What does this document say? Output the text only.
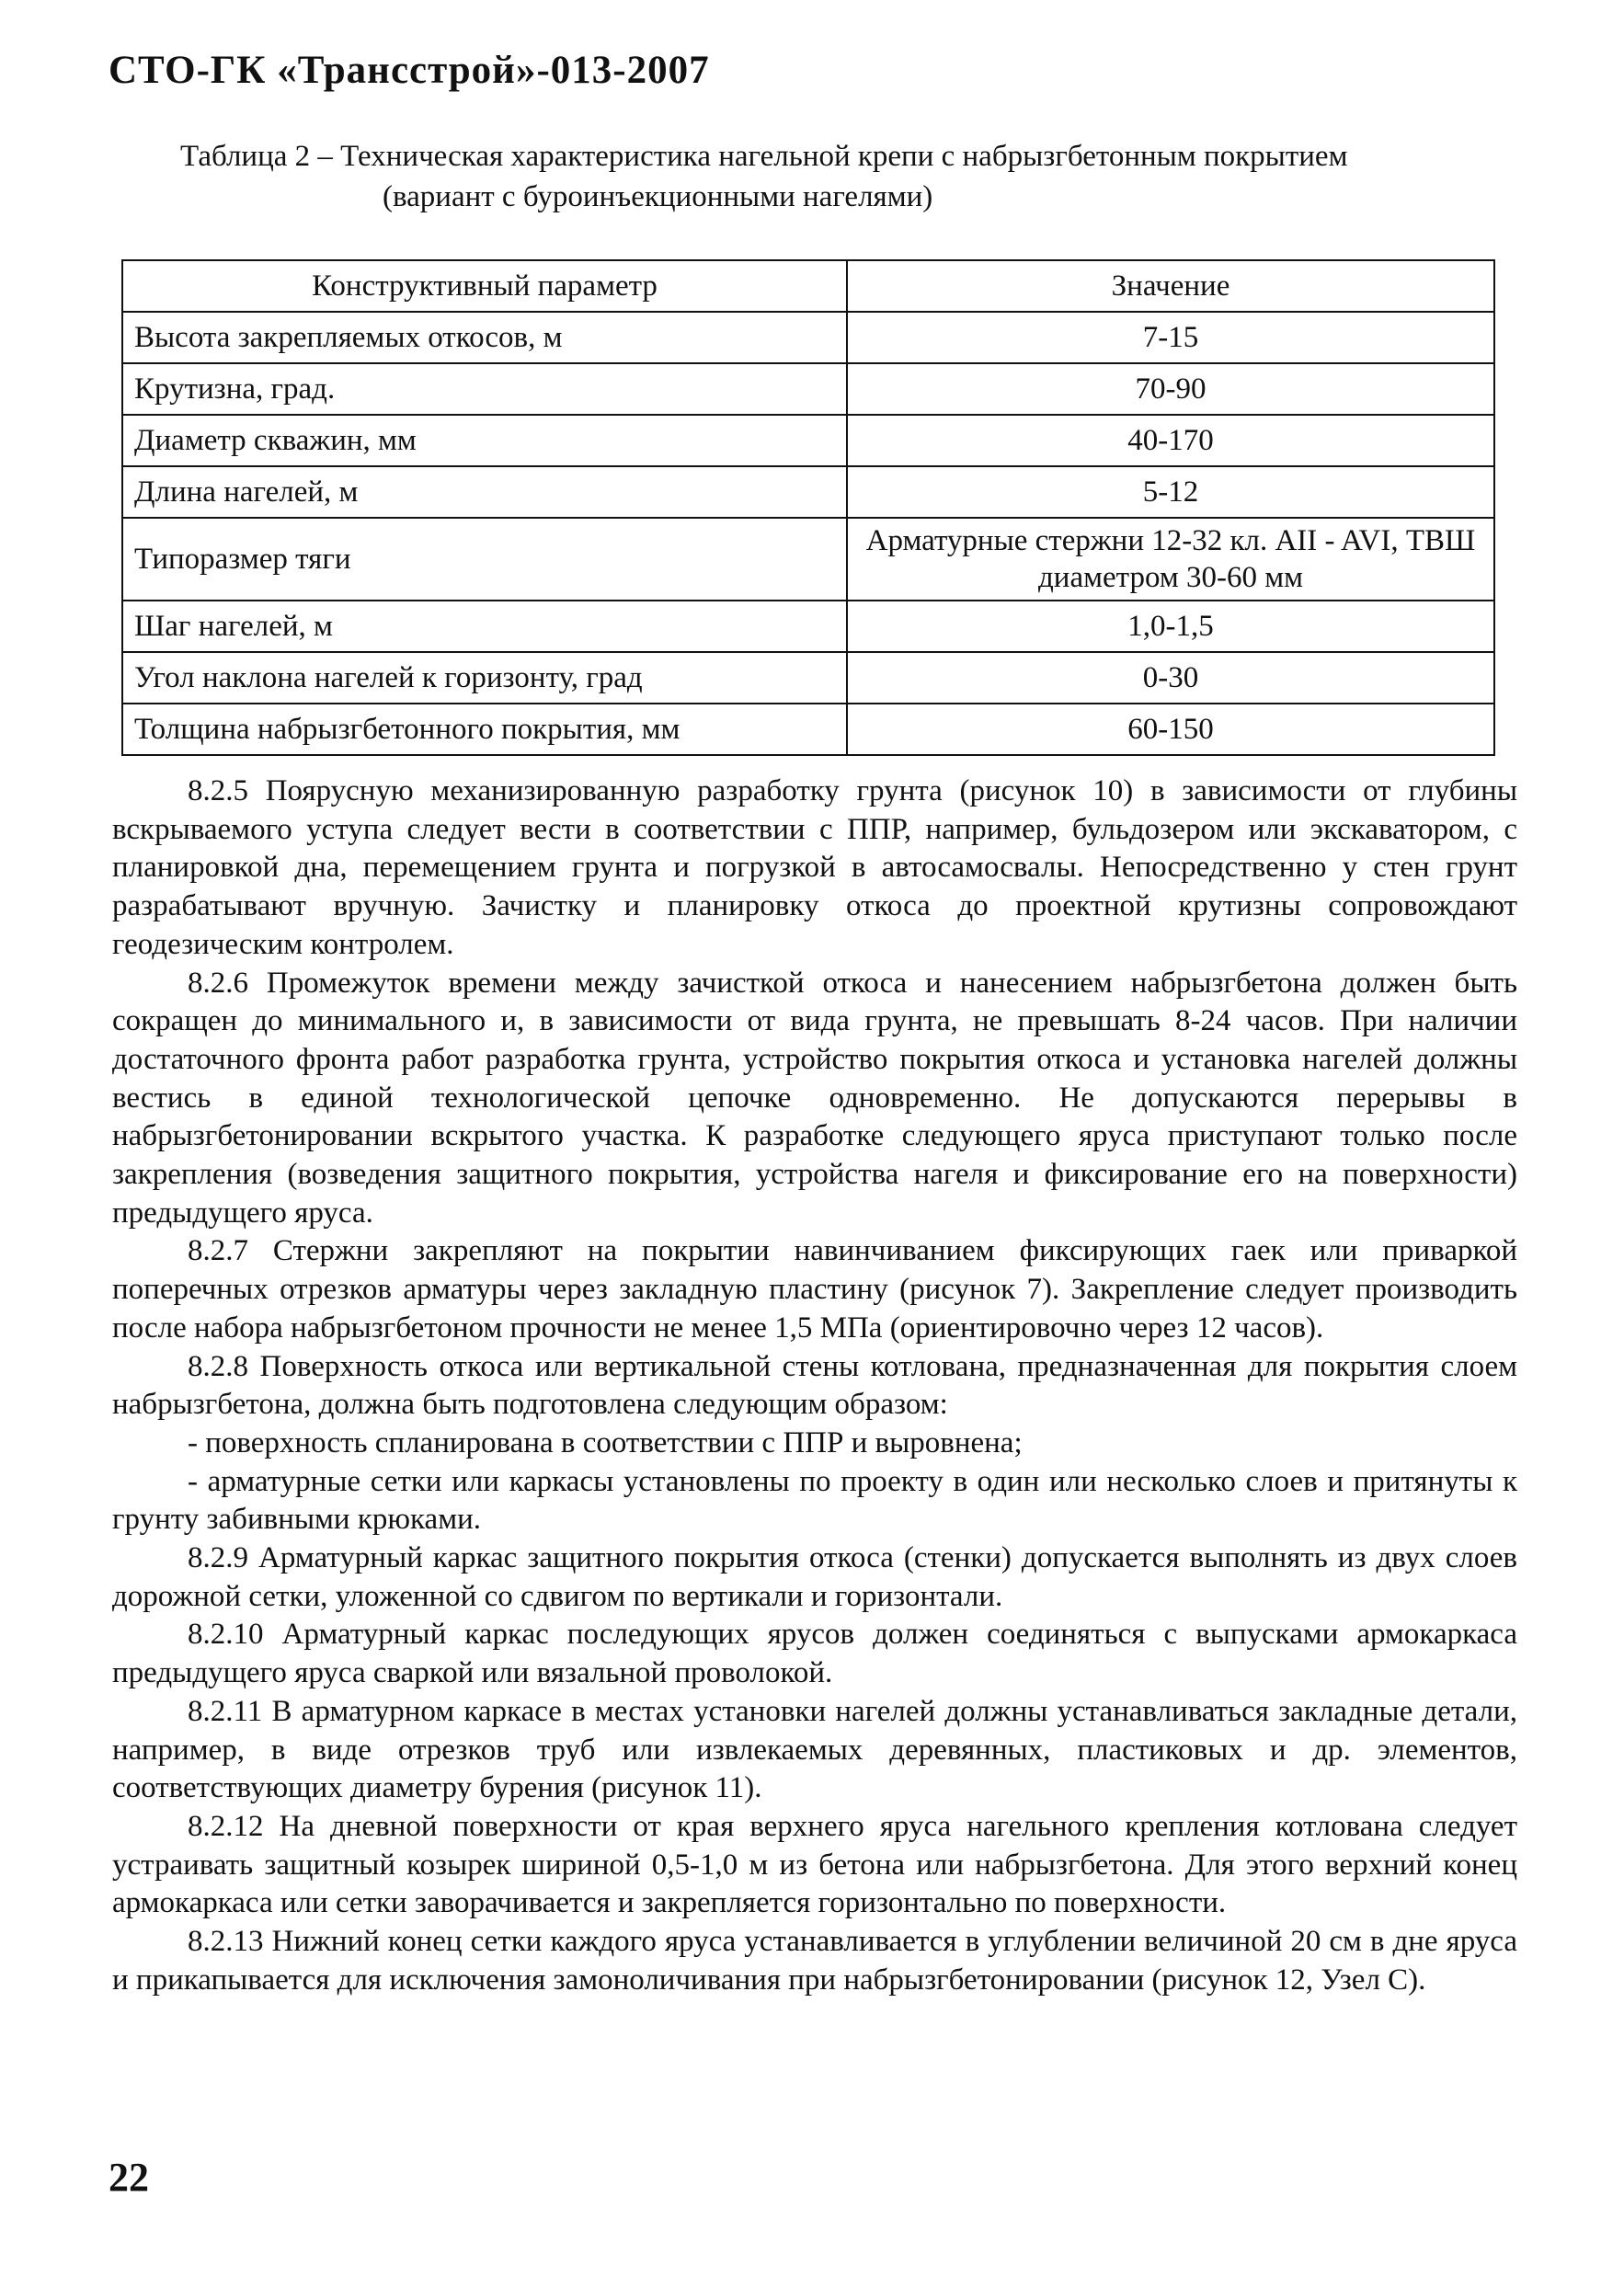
СТО-ГК «Трансстрой»-013-2007
Таблица 2 – Техническая характеристика нагельной крепи с набрызгбетонным покрытием
(вариант с буроинъекционными нагелями)
Конструктивный параметр	Значение
Высота закрепляемых откосов, м	7-15
Крутизна, град.	70-90
Диаметр скважин, мм	40-170
Длина нагелей, м	5-12
Типоразмер тяги	Арматурные стержни 12-32 кл. AII - AVI, ТВШ диаметром 30-60 мм
Шаг нагелей, м	1,0-1,5
Угол наклона нагелей к горизонту, град	0-30
Толщина набрызгбетонного покрытия, мм	60-150

8.2.5 Поярусную механизированную разработку грунта (рисунок 10) в зависимости от глубины вскрываемого уступа следует вести в соответствии с ППР, например, бульдозером или экскаватором, с планировкой дна, перемещением грунта и погрузкой в автосамосвалы. Непосредственно у стен грунт разрабатывают вручную. Зачистку и планировку откоса до проектной крутизны сопровождают геодезическим контролем.

8.2.6 Промежуток времени между зачисткой откоса и нанесением набрызгбетона должен быть сокращен до минимального и, в зависимости от вида грунта, не превышать 8-24 часов. При наличии достаточного фронта работ разработка грунта, устройство покрытия откоса и установка нагелей должны вестись в единой технологической цепочке одновременно. Не допускаются перерывы в набрызгбетонировании вскрытого участка. К разработке следующего яруса приступают только после закрепления (возведения защитного покрытия, устройства нагеля и фиксирование его на поверхности) предыдущего яруса.

8.2.7 Стержни закрепляют на покрытии навинчиванием фиксирующих гаек или приваркой поперечных отрезков арматуры через закладную пластину (рисунок 7). Закрепление следует производить после набора набрызгбетоном прочности не менее 1,5 МПа (ориентировочно через 12 часов).

8.2.8 Поверхность откоса или вертикальной стены котлована, предназначенная для покрытия слоем набрызгбетона, должна быть подготовлена следующим образом:

- поверхность спланирована в соответствии с ППР и выровнена;

- арматурные сетки или каркасы установлены по проекту в один или несколько слоев и притянуты к грунту забивными крюками.

8.2.9 Арматурный каркас защитного покрытия откоса (стенки) допускается выполнять из двух слоев дорожной сетки, уложенной со сдвигом по вертикали и горизонтали.

8.2.10 Арматурный каркас последующих ярусов должен соединяться с выпусками армокаркаса предыдущего яруса сваркой или вязальной проволокой.

8.2.11 В арматурном каркасе в местах установки нагелей должны устанавливаться закладные детали, например, в виде отрезков труб или извлекаемых деревянных, пластиковых и др. элементов, соответствующих диаметру бурения (рисунок 11).

8.2.12 На дневной поверхности от края верхнего яруса нагельного крепления котлована следует устраивать защитный козырек шириной 0,5-1,0 м из бетона или набрызгбетона. Для этого верхний конец армокаркаса или сетки заворачивается и закрепляется горизонтально по поверхности.

8.2.13 Нижний конец сетки каждого яруса устанавливается в углублении величиной 20 см в дне яруса и прикапывается для исключения замоноличивания при набрызгбетонировании (рисунок 12, Узел С).

22
